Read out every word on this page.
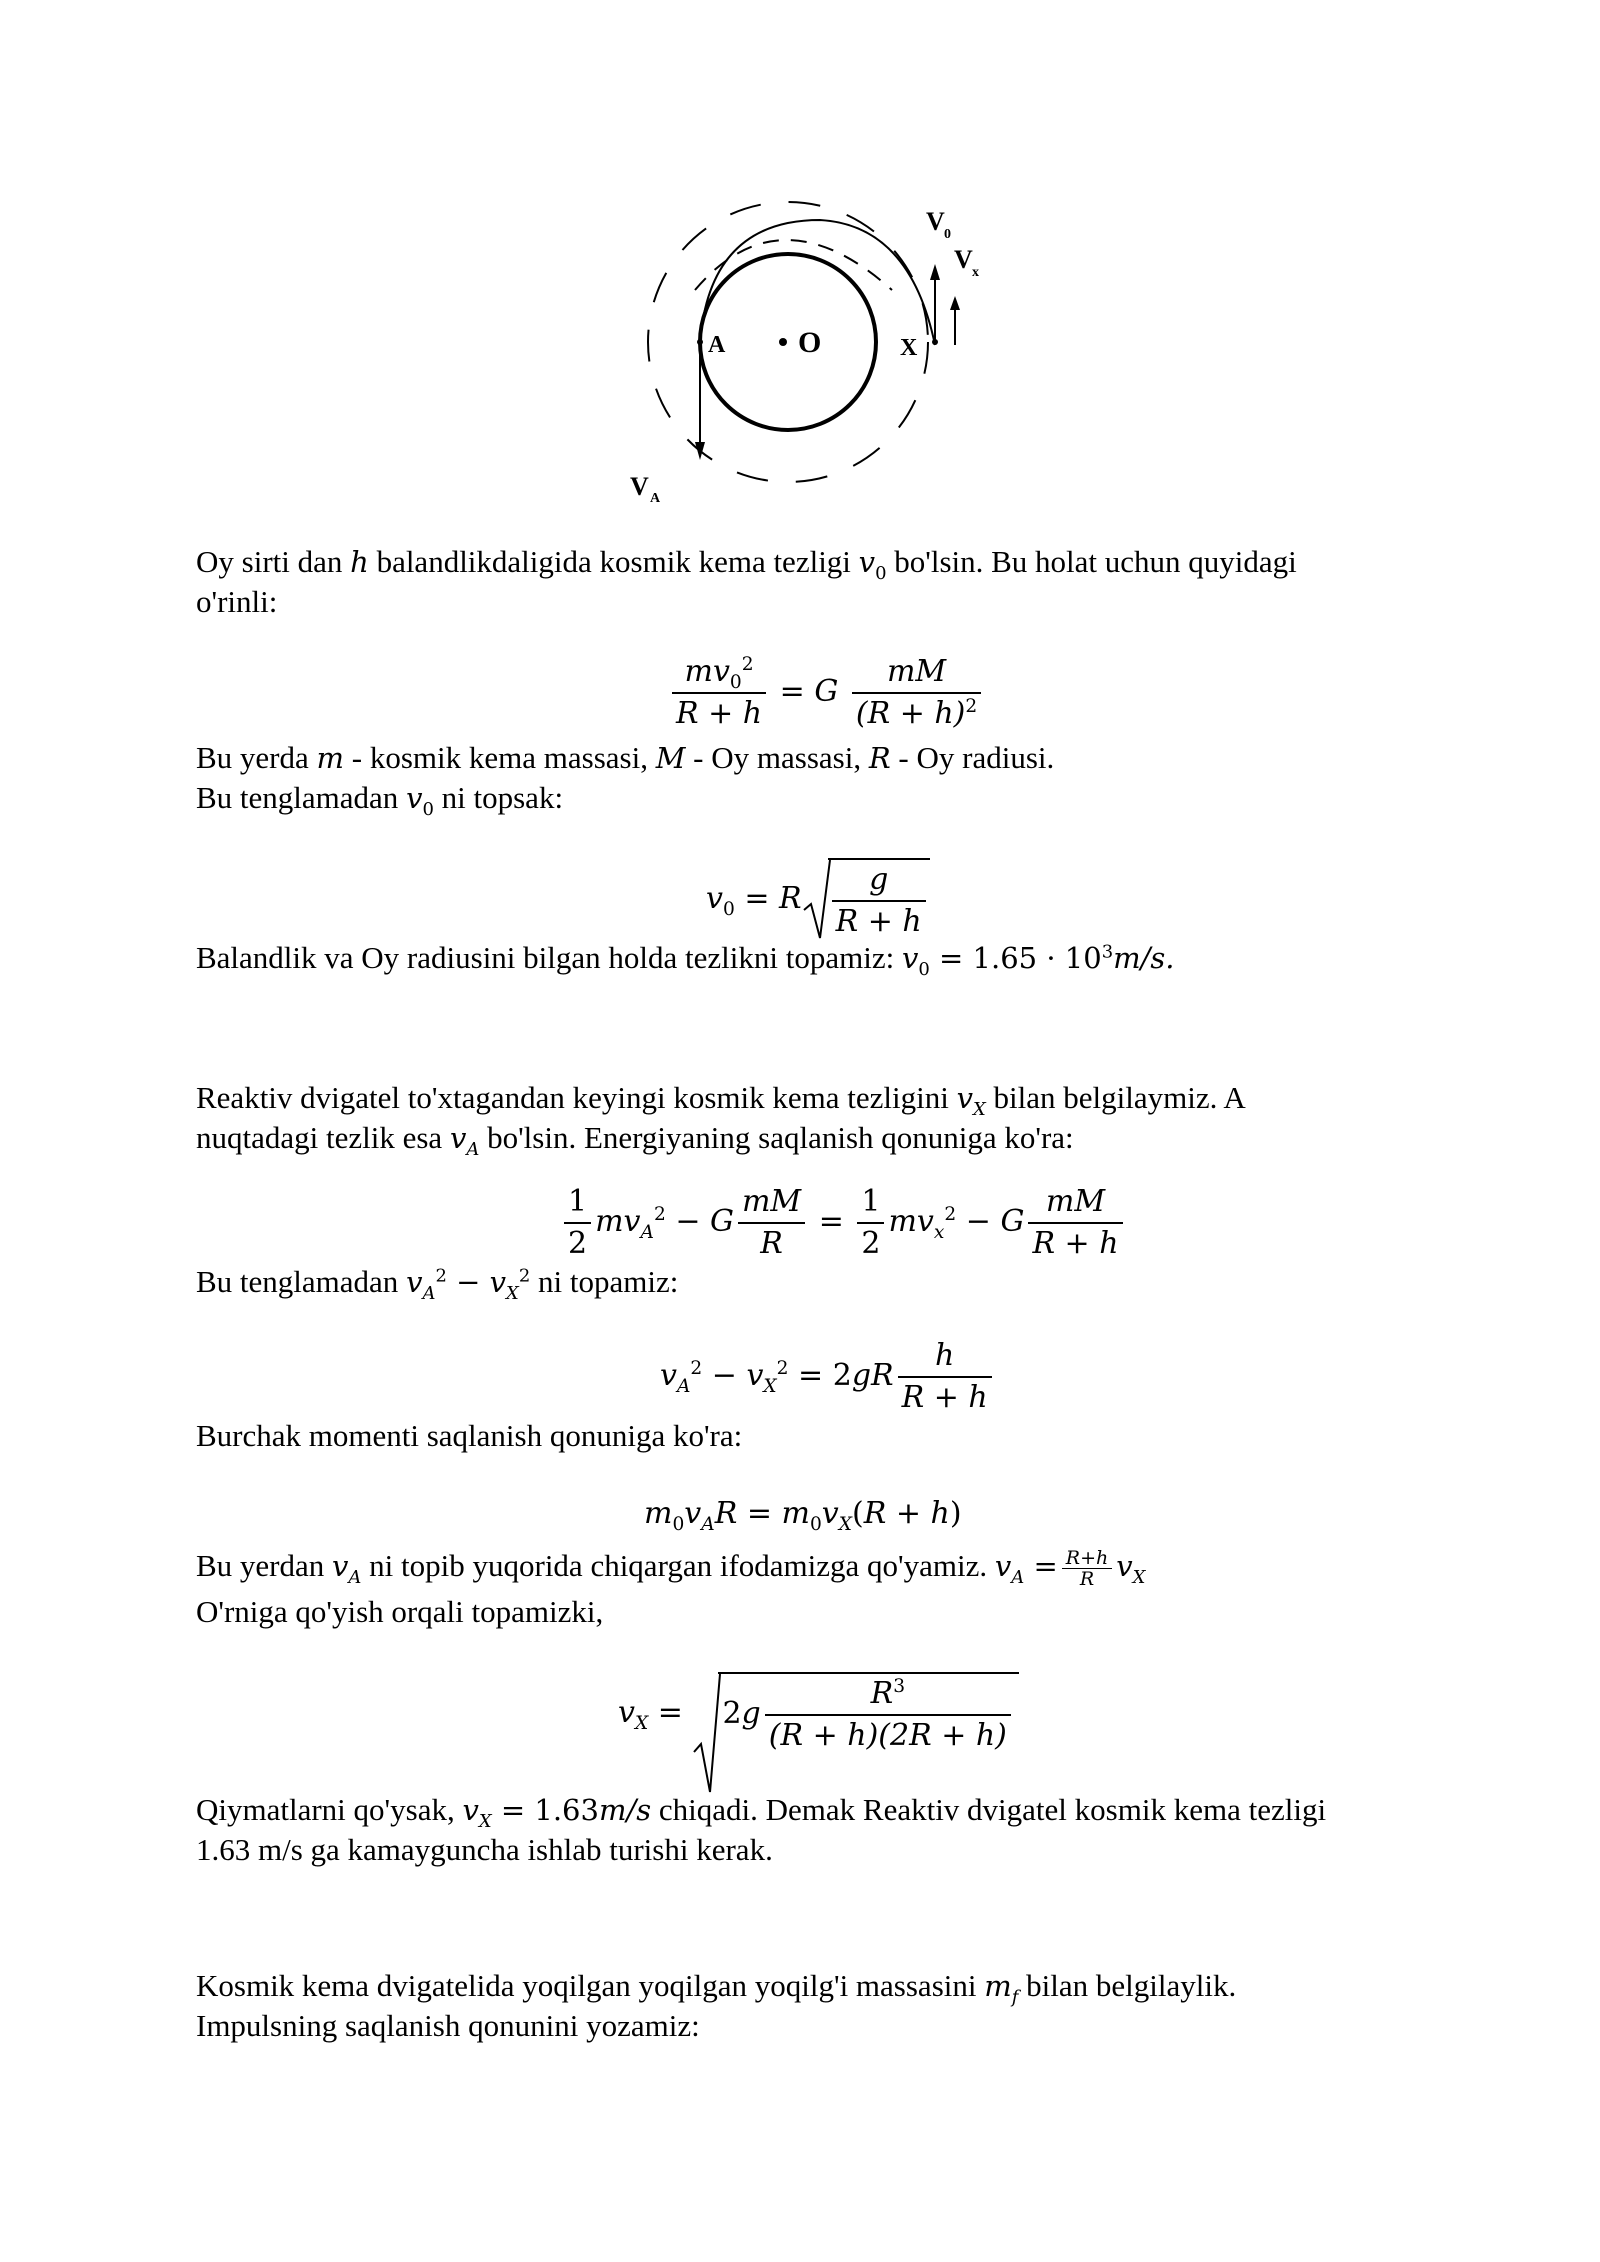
O
A	X
V A
V 0
V x
Oy sirti dan h balandlikdaligida kosmik kema tezligi $v_0$ bo'lsin. Bu holat uchun quyidagi
o'rinli:
$\frac{mv_0^2}{R + h} = G \frac{mM}{(R + h)^2}$
Bu yerda m - kosmik kema massasi, M - Oy massasi, R - Oy radiusi.
Bu tenglamadan $v_0$ ni topsak:
$v_0 = R \frac{g}{R + h}$
Balandlik va Oy radiusini bilgan holda tezlikni topamiz: $v_0 = 1.65 \cdot 10^3m/s$.
Reaktiv dvigatel to'xtagandan keyingi kosmik kema tezligini $v_X$ bilan belgilaymiz. A
nuqtadagi tezlik esa $v_A$ bo'lsin. Energiyaning saqlanish qonuniga ko'ra:
$\frac{1}{2} mv_A^2 - G \frac{mM}{R} = \frac{1}{2} mv_x^2 - G \frac{mM}{R + h}$
Bu tenglamadan $v_A^2 - v_X^2$ ni topamiz:
$v_A^2 - v_X^2 = 2gR \frac{h}{R + h}$
Burchak momenti saqlanish qonuniga ko'ra:
$m_0v_AR = m_0v_X(R + h)$
Bu yerdan $v_A$ ni topib yuqorida chiqargan ifodamizga qo'yamiz. $v_A = \frac{R+h}{R} v_X$
O'rniga qo'yish orqali topamizki,
$v_X = 2g \frac{R^3}{(R + h)(2R + h)}$
Qiymatlarni qo'ysak, $v_X = 1.63m/s$ chiqadi. Demak Reaktiv dvigatel kosmik kema tezligi
1.63 m/s ga kamayguncha ishlab turishi kerak.
Kosmik kema dvigatelida yoqilgan yoqilgan yoqilg'i massasini $m_f$ bilan belgilaylik.
Impulsning saqlanish qonunini yozamiz:
